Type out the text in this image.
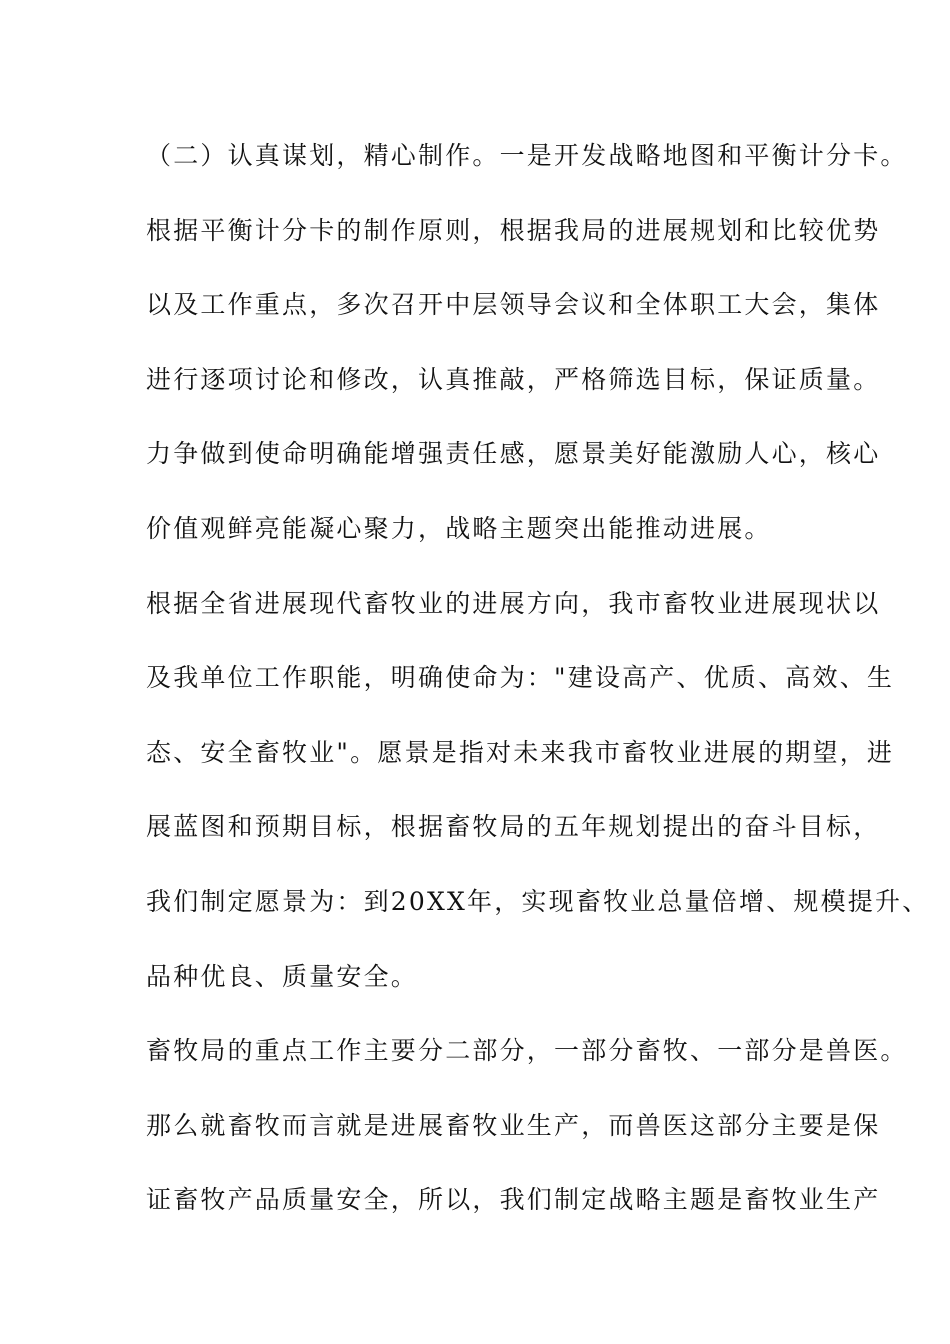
（二）认真谋划，精心制作。一是开发战略地图和平衡计分卡。
根据平衡计分卡的制作原则，根据我局的进展规划和比较优势
以及工作重点，多次召开中层领导会议和全体职工大会，集体
进行逐项讨论和修改，认真推敲，严格筛选目标，保证质量。
力争做到使命明确能增强责任感，愿景美好能激励人心，核心
价值观鲜亮能凝心聚力，战略主题突出能推动进展。
根据全省进展现代畜牧业的进展方向，我市畜牧业进展现状以
及我单位工作职能，明确使命为："建设高产、优质、高效、生
态、安全畜牧业"。愿景是指对未来我市畜牧业进展的期望，进
展蓝图和预期目标，根据畜牧局的五年规划提出的奋斗目标，
我们制定愿景为：到20XX年，实现畜牧业总量倍增、规模提升、
品种优良、质量安全。
畜牧局的重点工作主要分二部分，一部分畜牧、一部分是兽医。
那么就畜牧而言就是进展畜牧业生产，而兽医这部分主要是保
证畜牧产品质量安全，所以，我们制定战略主题是畜牧业生产
